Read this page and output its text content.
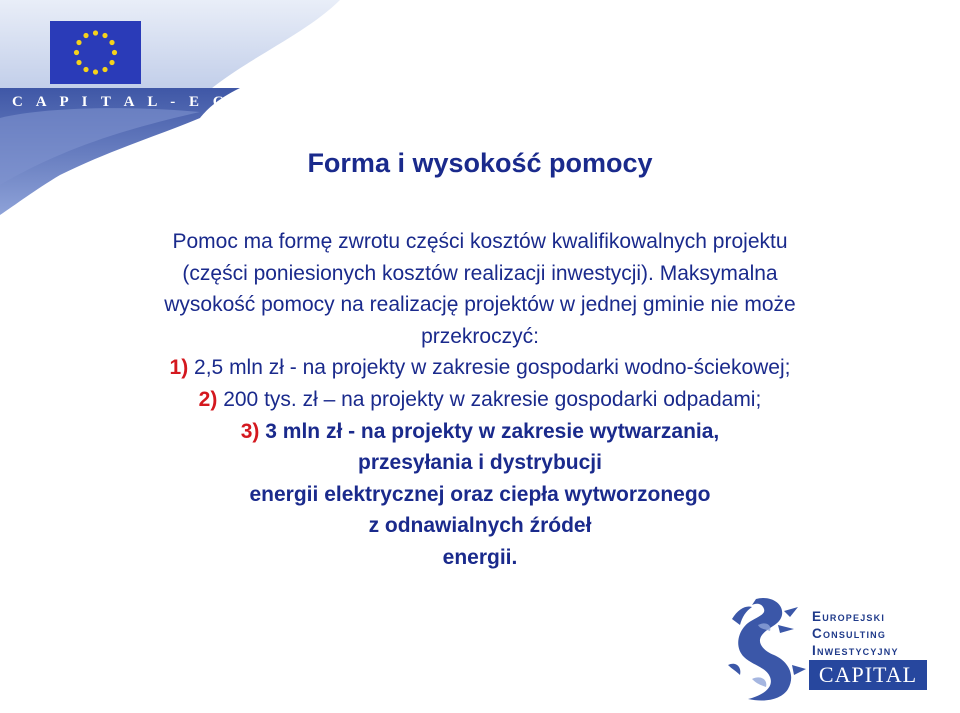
C A P I T A L - E C I
Forma i wysokość pomocy
Pomoc ma formę zwrotu części kosztów kwalifikowalnych projektu
(części poniesionych kosztów realizacji inwestycji). Maksymalna
wysokość pomocy na realizację projektów w jednej gminie nie może
przekroczyć:
1) 2,5 mln zł - na projekty w zakresie gospodarki wodno-ściekowej;
2) 200 tys. zł – na projekty w zakresie gospodarki odpadami;
3) 3 mln zł - na projekty w zakresie wytwarzania,
przesyłania i dystrybucji
energii elektrycznej oraz ciepła wytworzonego
z odnawialnych źródeł
energii.
Europejski
Consulting
Inwestycyjny
CAPITAL
